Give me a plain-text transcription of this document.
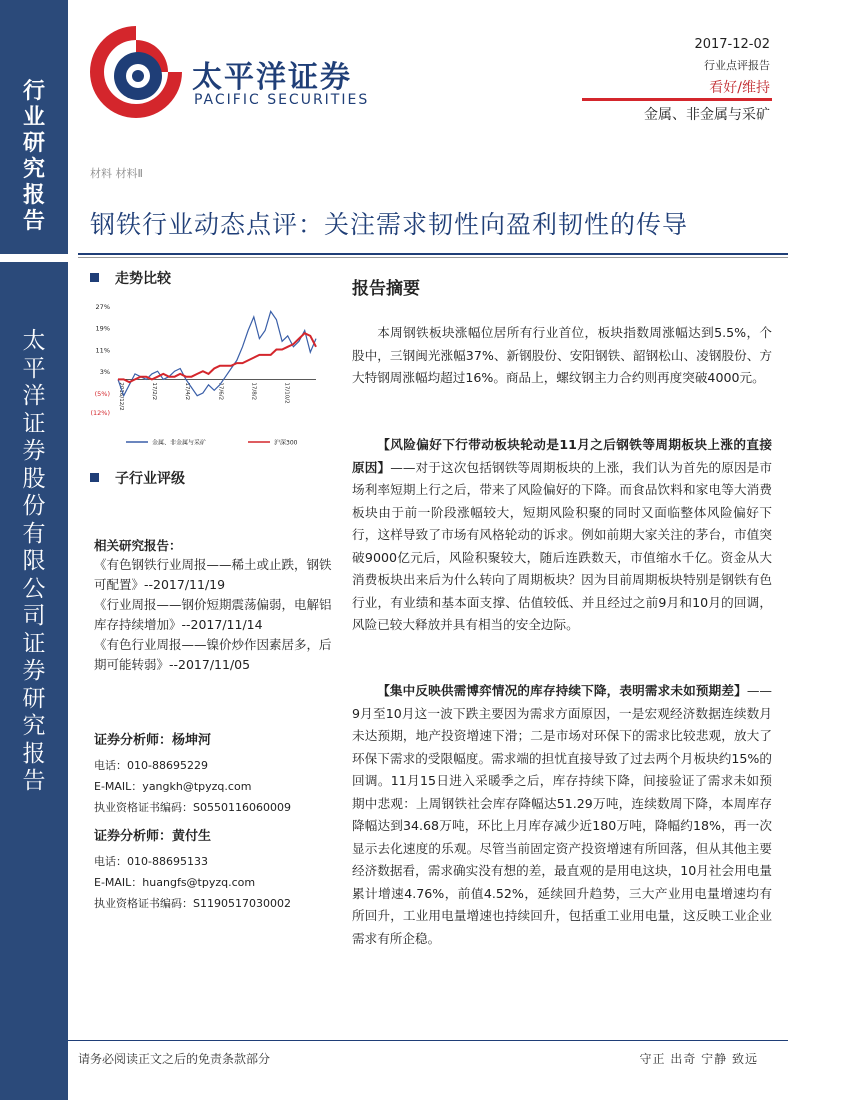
行
业
研
究
报
告
太
平
洋
证
券
股
份
有
限
公
司
证
券
研
究
报
告
太平洋证券
PACIFIC SECURITIES
2017-12-02
行业点评报告
看好/维持
金属、非金属与采矿
材料 材料Ⅱ
钢铁行业动态点评：关注需求韧性向盈利韧性的传导
走势比较
27%
19%
11%
3%
(5%)
(12%)
2016/12/2	17/2/2	17/4/2	17/6/2	17/8/2	17/10/2
金属、非金属与采矿	沪深300
子行业评级
相关研究报告：
《有色钢铁行业周报——稀土或止跌，钢铁可配置》--2017/11/19
《行业周报——钢价短期震荡偏弱，电解铝库存持续增加》--2017/11/14
《有色行业周报——镍价炒作因素居多，后期可能转弱》--2017/11/05
证券分析师：杨坤河
电话：010-88695229
E-MAIL：yangkh@tpyzq.com
执业资格证书编码：S0550116060009
证券分析师：黄付生
电话：010-88695133
E-MAIL：huangfs@tpyzq.com
执业资格证书编码：S1190517030002
报告摘要
本周钢铁板块涨幅位居所有行业首位，板块指数周涨幅达到5.5%，个股中，三钢闽光涨幅37%、新钢股份、安阳钢铁、韶钢松山、凌钢股份、方大特钢周涨幅均超过16%。商品上，螺纹钢主力合约则再度突破4000元。
【风险偏好下行带动板块轮动是11月之后钢铁等周期板块上涨的直接原因】——对于这次包括钢铁等周期板块的上涨，我们认为首先的原因是市场利率短期上行之后，带来了风险偏好的下降。而食品饮料和家电等大消费板块由于前一阶段涨幅较大，短期风险积聚的同时又面临整体风险偏好下行，这样导致了市场有风格轮动的诉求。例如前期大家关注的茅台，市值突破9000亿元后，风险积聚较大，随后连跌数天，市值缩水千亿。资金从大消费板块出来后为什么转向了周期板块？因为目前周期板块特别是钢铁有色行业，有业绩和基本面支撑、估值较低、并且经过之前9月和10月的回调，风险已较大释放并具有相当的安全边际。
【集中反映供需博弈情况的库存持续下降，表明需求未如预期差】——9月至10月这一波下跌主要因为需求方面原因，一是宏观经济数据连续数月未达预期，地产投资增速下滑；二是市场对环保下的需求比较悲观，放大了环保下需求的受限幅度。需求端的担忧直接导致了过去两个月板块约15%的回调。11月15日进入采暖季之后，库存持续下降，间接验证了需求未如预期中悲观：上周钢铁社会库存降幅达51.29万吨，连续数周下降，本周库存降幅达到34.68万吨，环比上月库存减少近180万吨，降幅约18%，再一次显示去化速度的乐观。尽管当前固定资产投资增速有所回落，但从其他主要经济数据看，需求确实没有想的差，最直观的是用电这块，10月社会用电量累计增速4.76%，前值4.52%，延续回升趋势，三大产业用电量增速均有所回升，工业用电量增速也持续回升，包括重工业用电量，这反映工业企业需求有所企稳。
请务必阅读正文之后的免责条款部分	守正 出奇 宁静 致远
